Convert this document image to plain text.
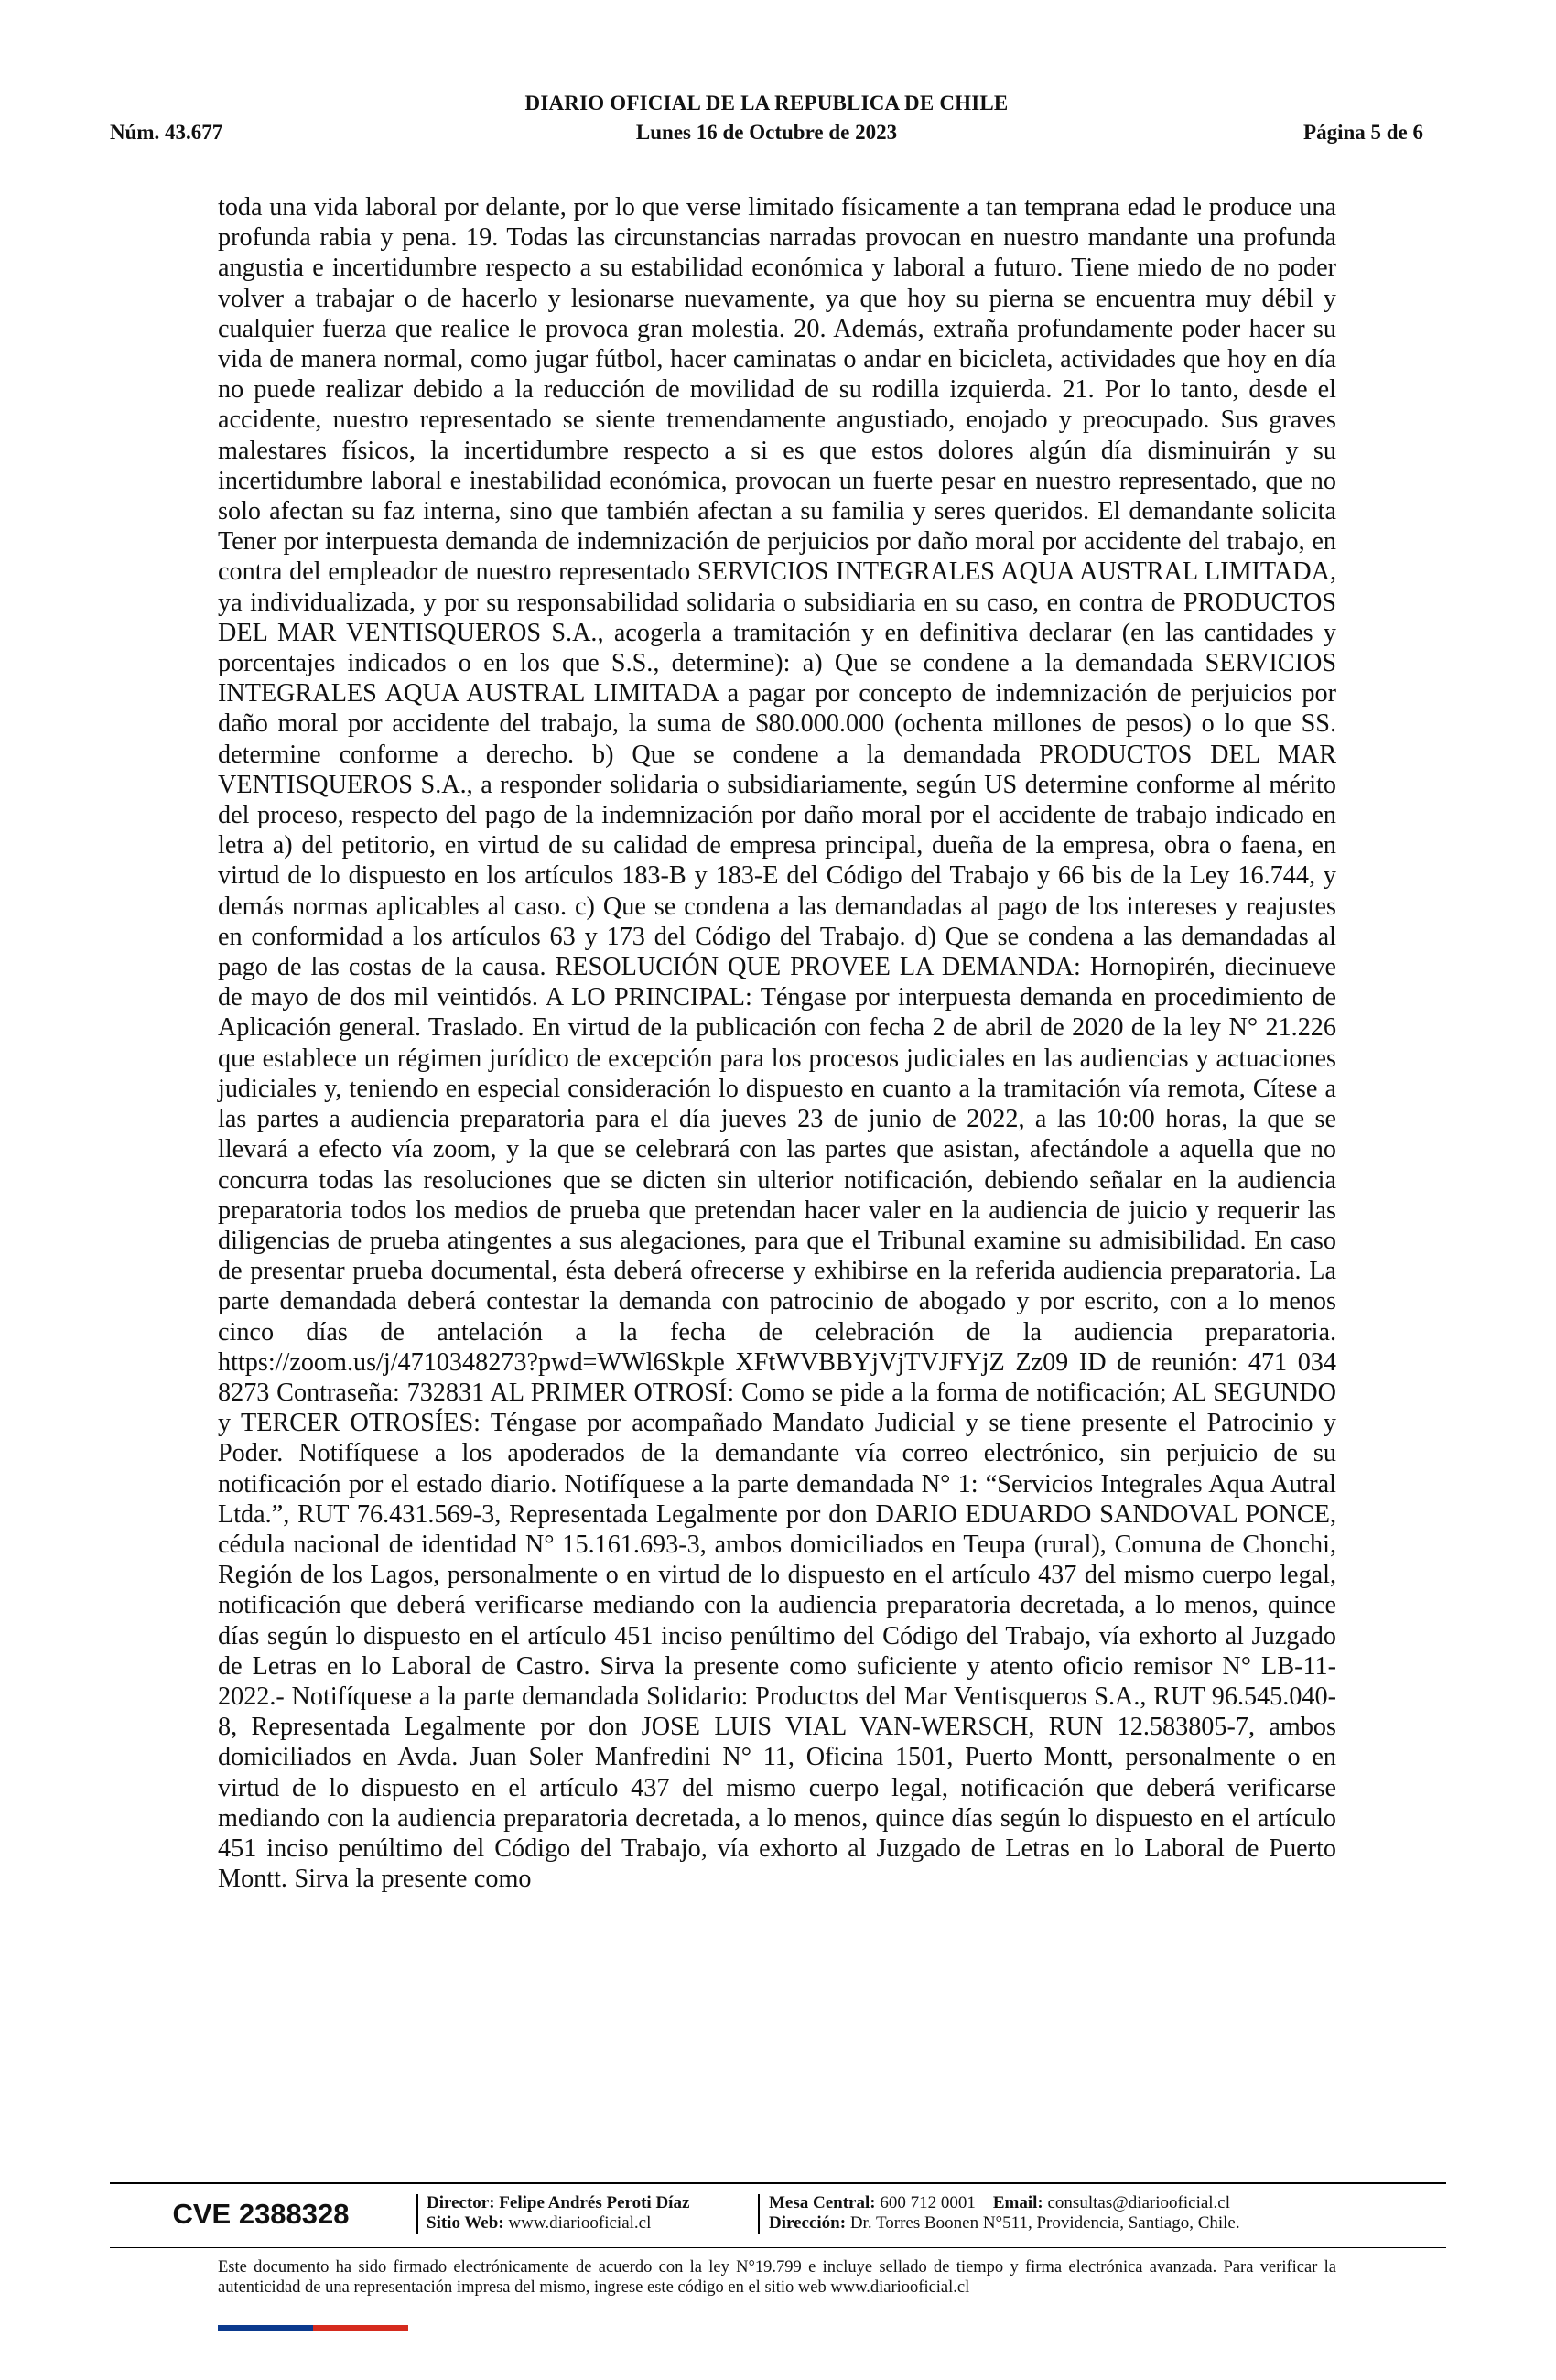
DIARIO OFICIAL DE LA REPUBLICA DE CHILE
Núm. 43.677	Lunes 16 de Octubre de 2023	Página 5 de 6
toda una vida laboral por delante, por lo que verse limitado físicamente a tan temprana edad le produce una profunda rabia y pena. 19. Todas las circunstancias narradas provocan en nuestro mandante una profunda angustia e incertidumbre respecto a su estabilidad económica y laboral a futuro. Tiene miedo de no poder volver a trabajar o de hacerlo y lesionarse nuevamente, ya que hoy su pierna se encuentra muy débil y cualquier fuerza que realice le provoca gran molestia. 20. Además, extraña profundamente poder hacer su vida de manera normal, como jugar fútbol, hacer caminatas o andar en bicicleta, actividades que hoy en día no puede realizar debido a la reducción de movilidad de su rodilla izquierda. 21. Por lo tanto, desde el accidente, nuestro representado se siente tremendamente angustiado, enojado y preocupado. Sus graves malestares físicos, la incertidumbre respecto a si es que estos dolores algún día disminuirán y su incertidumbre laboral e inestabilidad económica, provocan un fuerte pesar en nuestro representado, que no solo afectan su faz interna, sino que también afectan a su familia y seres queridos. El demandante solicita Tener por interpuesta demanda de indemnización de perjuicios por daño moral por accidente del trabajo, en contra del empleador de nuestro representado SERVICIOS INTEGRALES AQUA AUSTRAL LIMITADA, ya individualizada, y por su responsabilidad solidaria o subsidiaria en su caso, en contra de PRODUCTOS DEL MAR VENTISQUEROS S.A., acogerla a tramitación y en definitiva declarar (en las cantidades y porcentajes indicados o en los que S.S., determine): a) Que se condene a la demandada SERVICIOS INTEGRALES AQUA AUSTRAL LIMITADA a pagar por concepto de indemnización de perjuicios por daño moral por accidente del trabajo, la suma de $80.000.000 (ochenta millones de pesos) o lo que SS. determine conforme a derecho. b) Que se condene a la demandada PRODUCTOS DEL MAR VENTISQUEROS S.A., a responder solidaria o subsidiariamente, según US determine conforme al mérito del proceso, respecto del pago de la indemnización por daño moral por el accidente de trabajo indicado en letra a) del petitorio, en virtud de su calidad de empresa principal, dueña de la empresa, obra o faena, en virtud de lo dispuesto en los artículos 183-B y 183-E del Código del Trabajo y 66 bis de la Ley 16.744, y demás normas aplicables al caso. c) Que se condena a las demandadas al pago de los intereses y reajustes en conformidad a los artículos 63 y 173 del Código del Trabajo. d) Que se condena a las demandadas al pago de las costas de la causa. RESOLUCIÓN QUE PROVEE LA DEMANDA: Hornopirén, diecinueve de mayo de dos mil veintidós. A LO PRINCIPAL: Téngase por interpuesta demanda en procedimiento de Aplicación general. Traslado. En virtud de la publicación con fecha 2 de abril de 2020 de la ley N° 21.226 que establece un régimen jurídico de excepción para los procesos judiciales en las audiencias y actuaciones judiciales y, teniendo en especial consideración lo dispuesto en cuanto a la tramitación vía remota, Cítese a las partes a audiencia preparatoria para el día jueves 23 de junio de 2022, a las 10:00 horas, la que se llevará a efecto vía zoom, y la que se celebrará con las partes que asistan, afectándole a aquella que no concurra todas las resoluciones que se dicten sin ulterior notificación, debiendo señalar en la audiencia preparatoria todos los medios de prueba que pretendan hacer valer en la audiencia de juicio y requerir las diligencias de prueba atingentes a sus alegaciones, para que el Tribunal examine su admisibilidad. En caso de presentar prueba documental, ésta deberá ofrecerse y exhibirse en la referida audiencia preparatoria. La parte demandada deberá contestar la demanda con patrocinio de abogado y por escrito, con a lo menos cinco días de antelación a la fecha de celebración de la audiencia preparatoria. https://zoom.us/j/4710348273?pwd=WWl6Skple XFtWVBBYjVjTVJFYjZ Zz09 ID de reunión: 471 034 8273 Contraseña: 732831 AL PRIMER OTROSÍ: Como se pide a la forma de notificación; AL SEGUNDO y TERCER OTROSÍES: Téngase por acompañado Mandato Judicial y se tiene presente el Patrocinio y Poder. Notifíquese a los apoderados de la demandante vía correo electrónico, sin perjuicio de su notificación por el estado diario. Notifíquese a la parte demandada N° 1: “Servicios Integrales Aqua Autral Ltda.”, RUT 76.431.569-3, Representada Legalmente por don DARIO EDUARDO SANDOVAL PONCE, cédula nacional de identidad N° 15.161.693-3, ambos domiciliados en Teupa (rural), Comuna de Chonchi, Región de los Lagos, personalmente o en virtud de lo dispuesto en el artículo 437 del mismo cuerpo legal, notificación que deberá verificarse mediando con la audiencia preparatoria decretada, a lo menos, quince días según lo dispuesto en el artículo 451 inciso penúltimo del Código del Trabajo, vía exhorto al Juzgado de Letras en lo Laboral de Castro. Sirva la presente como suficiente y atento oficio remisor N° LB-11-2022.- Notifíquese a la parte demandada Solidario: Productos del Mar Ventisqueros S.A., RUT 96.545.040-8, Representada Legalmente por don JOSE LUIS VIAL VAN-WERSCH, RUN 12.583805-7, ambos domiciliados en Avda. Juan Soler Manfredini N° 11, Oficina 1501, Puerto Montt, personalmente o en virtud de lo dispuesto en el artículo 437 del mismo cuerpo legal, notificación que deberá verificarse mediando con la audiencia preparatoria decretada, a lo menos, quince días según lo dispuesto en el artículo 451 inciso penúltimo del Código del Trabajo, vía exhorto al Juzgado de Letras en lo Laboral de Puerto Montt. Sirva la presente como
CVE 2388328	Director: Felipe Andrés Peroti Díaz
Sitio Web: www.diariooficial.cl
Mesa Central: 600 712 0001 Email: consultas@diariooficial.cl
Dirección: Dr. Torres Boonen N°511, Providencia, Santiago, Chile.
Este documento ha sido firmado electrónicamente de acuerdo con la ley N°19.799 e incluye sellado de tiempo y firma electrónica avanzada. Para verificar la autenticidad de una representación impresa del mismo, ingrese este código en el sitio web www.diariooficial.cl
